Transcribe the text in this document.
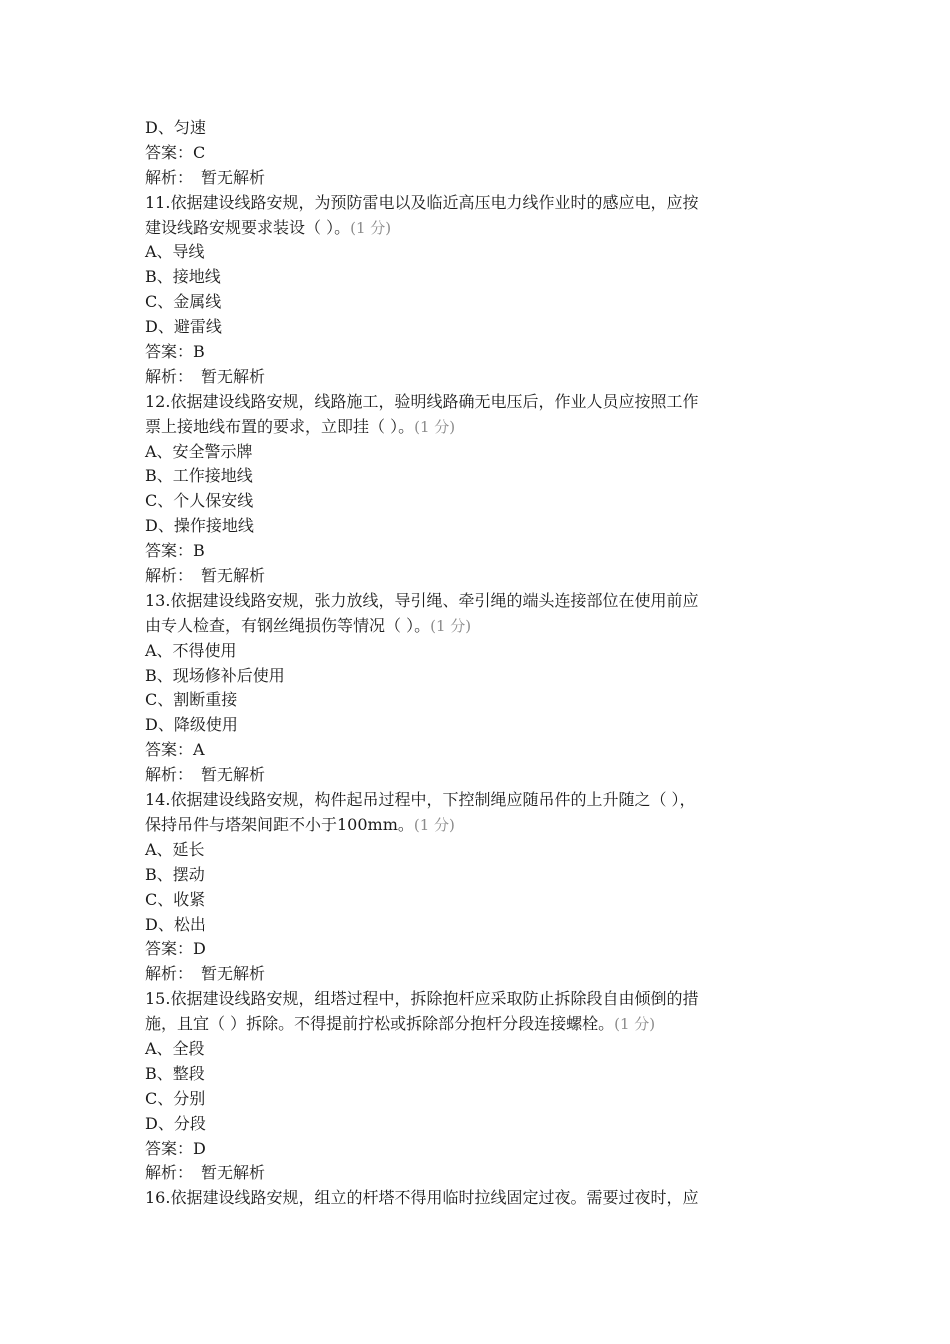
D、匀速
答案：C
解析：　暂无解析
11.依据建设线路安规，为预防雷电以及临近高压电力线作业时的感应电，应按
建设线路安规要求装设（ ）。(1 分)
A、导线
B、接地线
C、金属线
D、避雷线
答案：B
解析：　暂无解析
12.依据建设线路安规，线路施工，验明线路确无电压后，作业人员应按照工作
票上接地线布置的要求，立即挂（ ）。(1 分)
A、安全警示牌
B、工作接地线
C、个人保安线
D、操作接地线
答案：B
解析：　暂无解析
13.依据建设线路安规，张力放线，导引绳、牵引绳的端头连接部位在使用前应
由专人检查，有钢丝绳损伤等情况（ ）。(1 分)
A、不得使用
B、现场修补后使用
C、割断重接
D、降级使用
答案：A
解析：　暂无解析
14.依据建设线路安规，构件起吊过程中，下控制绳应随吊件的上升随之（ ），
保持吊件与塔架间距不小于100mm。(1 分)
A、延长
B、摆动
C、收紧
D、松出
答案：D
解析：　暂无解析
15.依据建设线路安规，组塔过程中，拆除抱杆应采取防止拆除段自由倾倒的措
施，且宜（ ）拆除。不得提前拧松或拆除部分抱杆分段连接螺栓。(1 分)
A、全段
B、整段
C、分别
D、分段
答案：D
解析：　暂无解析
16.依据建设线路安规，组立的杆塔不得用临时拉线固定过夜。需要过夜时，应
